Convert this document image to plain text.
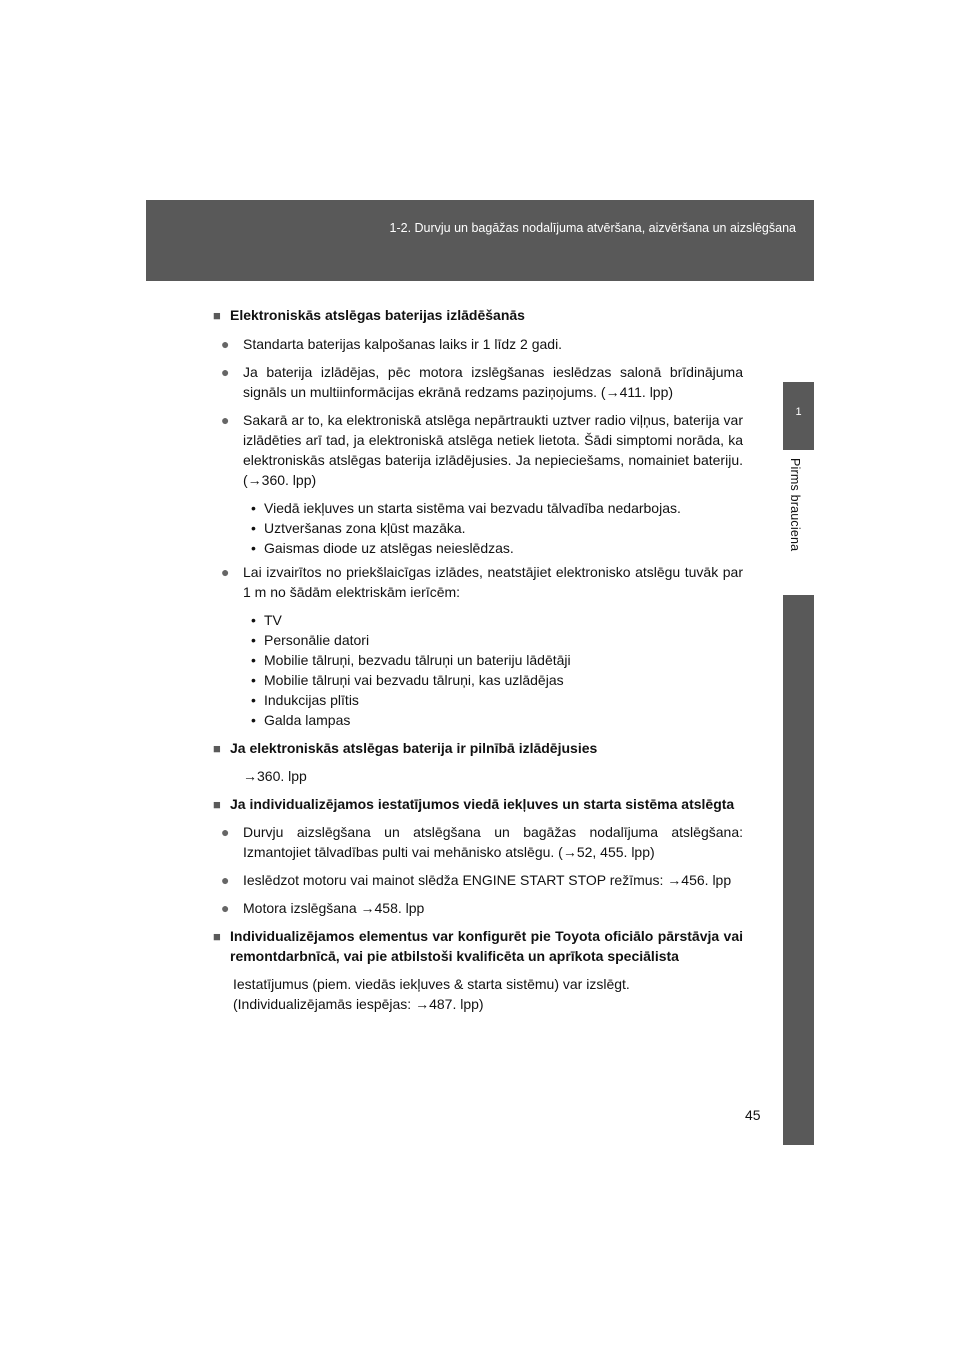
1-2. Durvju un bagāžas nodalījuma atvēršana, aizvēršana un aizslēgšana
1
Pirms brauciena
■ Elektroniskās atslēgas baterijas izlādēšanās
● Standarta baterijas kalpošanas laiks ir 1 līdz 2 gadi.
● Ja baterija izlādējas, pēc motora izslēgšanas ieslēdzas salonā brīdinājuma signāls un multiinformācijas ekrānā redzams paziņojums. (→411. lpp)
● Sakarā ar to, ka elektroniskā atslēga nepārtraukti uztver radio viļņus, baterija var izlādēties arī tad, ja elektroniskā atslēga netiek lietota. Šādi simptomi norāda, ka elektroniskās atslēgas baterija izlādējusies. Ja nepieciešams, nomainiet bateriju. (→360. lpp)
• Viedā iekļuves un starta sistēma vai bezvadu tālvadība nedarbojas.
• Uztveršanas zona kļūst mazāka.
• Gaismas diode uz atslēgas neieslēdzas.
● Lai izvairītos no priekšlaicīgas izlādes, neatstājiet elektronisko atslēgu tuvāk par 1 m no šādām elektriskām ierīcēm:
• TV
• Personālie datori
• Mobilie tālruņi, bezvadu tālruņi un bateriju lādētāji
• Mobilie tālruņi vai bezvadu tālruņi, kas uzlādējas
• Indukcijas plītis
• Galda lampas
■ Ja elektroniskās atslēgas baterija ir pilnībā izlādējusies
→360. lpp
■ Ja individualizējamos iestatījumos viedā iekļuves un starta sistēma atslēgta
● Durvju aizslēgšana un atslēgšana un bagāžas nodalījuma atslēgšana: Izmantojiet tālvadības pulti vai mehānisko atslēgu. (→52, 455. lpp)
● Ieslēdzot motoru vai mainot slēdža ENGINE START STOP režīmus: →456. lpp
● Motora izslēgšana →458. lpp
■ Individualizējamos elementus var konfigurēt pie Toyota oficiālo pārstāvja vai remontdarbnīcā, vai pie atbilstoši kvalificēta un aprīkota speciālista
Iestatījumus (piem. viedās iekļuves & starta sistēmu) var izslēgt.
(Individualizējamās iespējas: →487. lpp)
45
